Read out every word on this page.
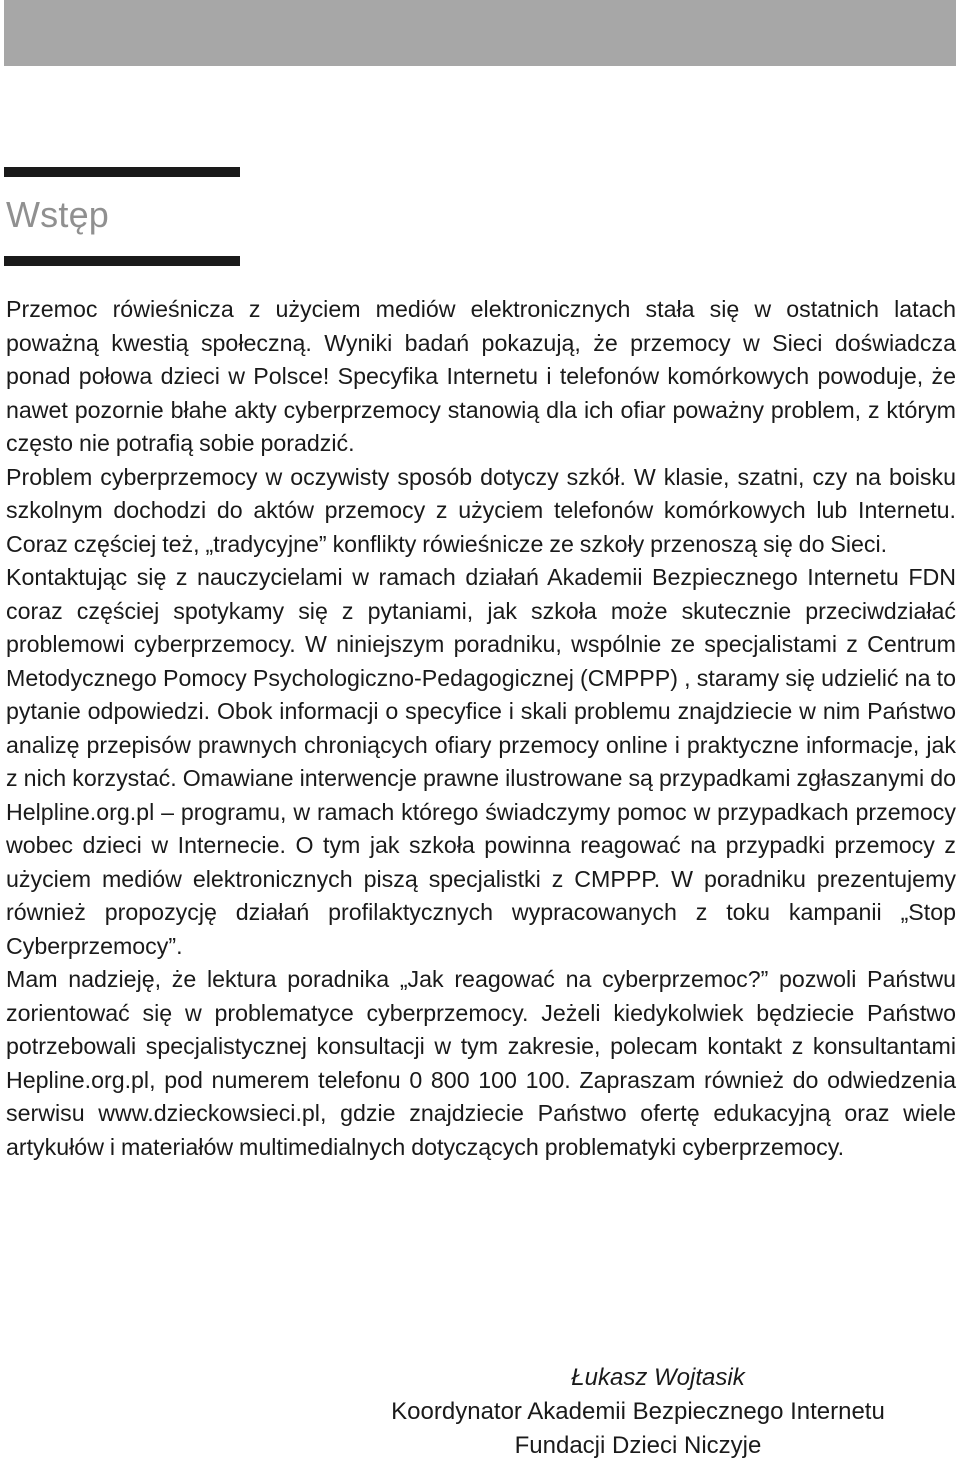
Wstęp

Przemoc rówieśnicza z użyciem mediów elektronicznych stała się w ostatnich latach poważną kwestią społeczną. Wyniki badań pokazują, że przemocy w Sieci doświadcza ponad połowa dzieci w Polsce! Specyfika Internetu i telefonów komórkowych powoduje, że nawet pozornie błahe akty cyberprzemocy stanowią dla ich ofiar poważny problem, z którym często nie potrafią sobie poradzić.

Problem cyberprzemocy w oczywisty sposób dotyczy szkół. W klasie, szatni, czy na boisku szkolnym dochodzi do aktów przemocy z użyciem telefonów komórkowych lub Internetu. Coraz częściej też, „tradycyjne” konflikty rówieśnicze ze szkoły przenoszą się do Sieci.

Kontaktując się z nauczycielami w ramach działań Akademii Bezpiecznego Internetu FDN coraz częściej spotykamy się z pytaniami, jak szkoła może skutecznie przeciwdziałać problemowi cyberprzemocy. W niniejszym poradniku, wspólnie ze specjalistami z Centrum Metodycznego Pomocy Psychologiczno-Pedagogicznej (CMPPP) , staramy się udzielić na to pytanie odpowiedzi. Obok informacji o specyfice i skali problemu znajdziecie w nim Państwo analizę przepisów prawnych chroniących ofiary przemocy online i praktyczne informacje, jak z nich korzystać. Omawiane interwencje prawne ilustrowane są przypadkami zgłaszanymi do Helpline.org.pl – programu, w ramach którego świadczymy pomoc w przypadkach przemocy wobec dzieci w Internecie. O tym jak szkoła powinna reagować na przypadki przemocy z użyciem mediów elektronicznych piszą specjalistki z CMPPP. W poradniku prezentujemy również propozycję działań profilaktycznych wypracowanych z toku kampanii „Stop Cyberprzemocy”.

Mam nadzieję, że lektura poradnika „Jak reagować na cyberprzemoc?” pozwoli Państwu zorientować się w problematyce cyberprzemocy. Jeżeli kiedykolwiek będziecie Państwo potrzebowali specjalistycznej konsultacji w tym zakresie, polecam kontakt z konsultantami Hepline.org.pl, pod numerem telefonu 0 800 100 100. Zapraszam również do odwiedzenia serwisu www.dzieckowsieci.pl, gdzie znajdziecie Państwo ofertę edukacyjną oraz wiele artykułów i materiałów multimedialnych dotyczących problematyki cyberprzemocy.

Łukasz Wojtasik
Koordynator Akademii Bezpiecznego Internetu
Fundacji Dzieci Niczyje
